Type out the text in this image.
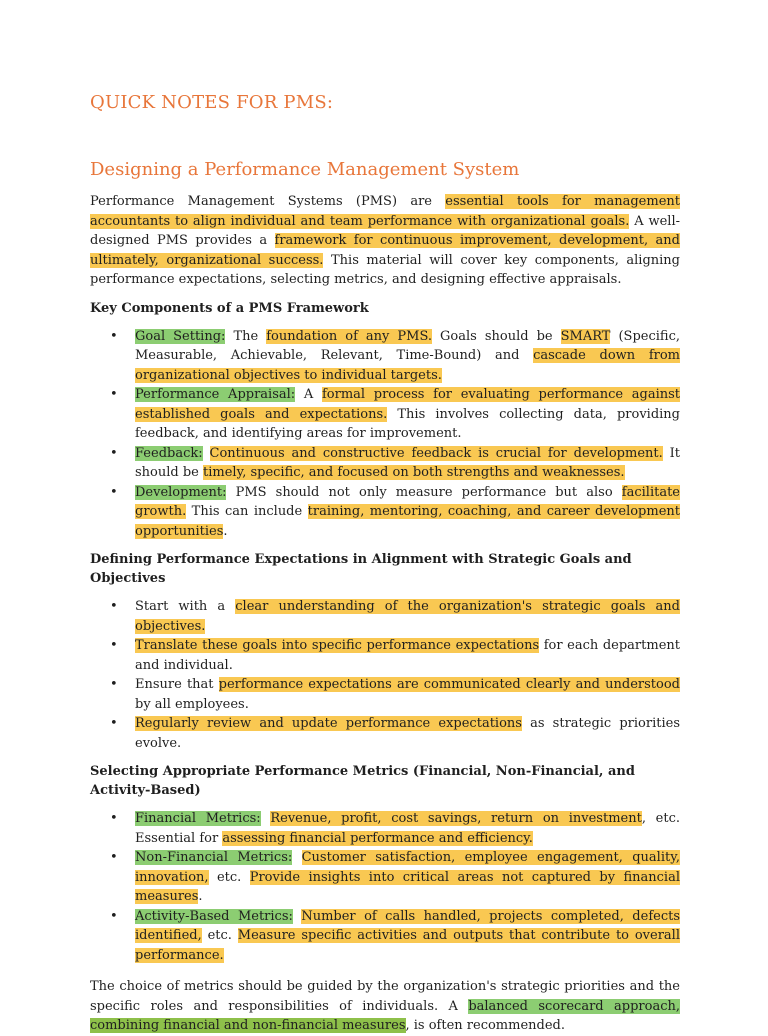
QUICK NOTES FOR PMS:
Designing a Performance Management System

Performance Management Systems (PMS) are essential tools for management accountants to align individual and team performance with organizational goals. A well-designed PMS provides a framework for continuous improvement, development, and ultimately, organizational success. This material will cover key components, aligning performance expectations, selecting metrics, and designing effective appraisals.

Key Components of a PMS Framework
• Goal Setting: The foundation of any PMS. Goals should be SMART (Specific, Measurable, Achievable, Relevant, Time-Bound) and cascade down from organizational objectives to individual targets.
• Performance Appraisal: A formal process for evaluating performance against established goals and expectations. This involves collecting data, providing feedback, and identifying areas for improvement.
• Feedback: Continuous and constructive feedback is crucial for development. It should be timely, specific, and focused on both strengths and weaknesses.
• Development: PMS should not only measure performance but also facilitate growth. This can include training, mentoring, coaching, and career development opportunities.
Defining Performance Expectations in Alignment with Strategic Goals and Objectives
• Start with a clear understanding of the organization's strategic goals and objectives.
• Translate these goals into specific performance expectations for each department and individual.
• Ensure that performance expectations are communicated clearly and understood by all employees.
• Regularly review and update performance expectations as strategic priorities evolve.
Selecting Appropriate Performance Metrics (Financial, Non-Financial, and Activity-Based)
• Financial Metrics: Revenue, profit, cost savings, return on investment, etc. Essential for assessing financial performance and efficiency.
• Non-Financial Metrics: Customer satisfaction, employee engagement, quality, innovation, etc. Provide insights into critical areas not captured by financial measures.
• Activity-Based Metrics: Number of calls handled, projects completed, defects identified, etc. Measure specific activities and outputs that contribute to overall performance.

The choice of metrics should be guided by the organization's strategic priorities and the specific roles and responsibilities of individuals. A balanced scorecard approach, combining financial and non-financial measures, is often recommended.
